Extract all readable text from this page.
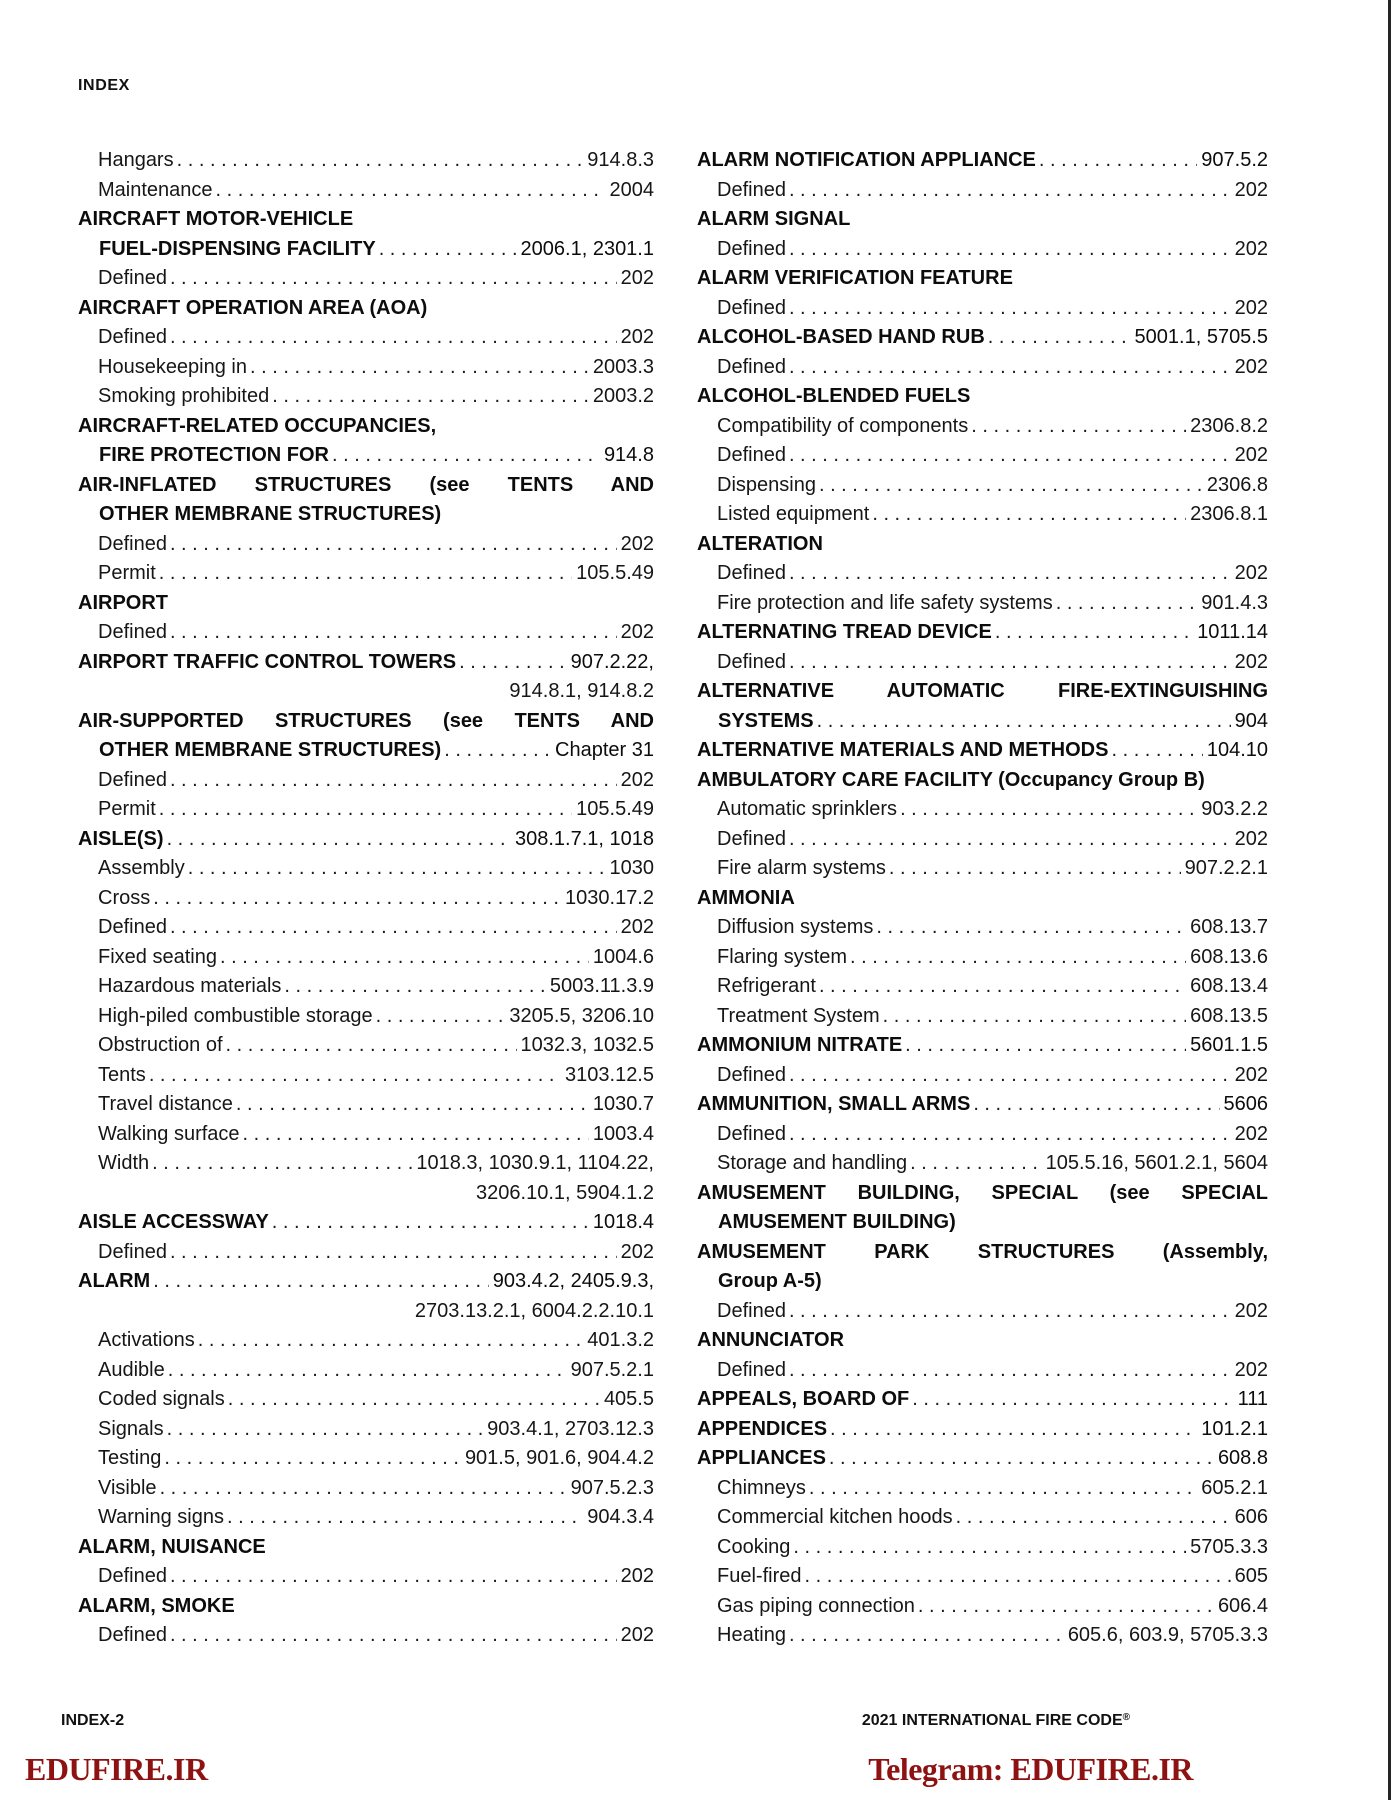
INDEX
Hangars . . .	914.8.3
Maintenance . . .	2004
AIRCRAFT MOTOR-VEHICLE
FUEL-DISPENSING FACILITY . . .	2006.1, 2301.1
Defined . . .	202
AIRCRAFT OPERATION AREA (AOA)
Defined . . .	202
Housekeeping in . . .	2003.3
Smoking prohibited . . .	2003.2
AIRCRAFT-RELATED OCCUPANCIES,
FIRE PROTECTION FOR . . .	914.8
AIR-INFLATED STRUCTURES (see TENTS AND
OTHER MEMBRANE STRUCTURES)
Defined . . .	202
Permit . . .	105.5.49
AIRPORT
Defined . . .	202
AIRPORT TRAFFIC CONTROL TOWERS . . .	907.2.22,
914.8.1, 914.8.2
AIR-SUPPORTED STRUCTURES (see TENTS AND
OTHER MEMBRANE STRUCTURES) . . .	Chapter 31
Defined . . .	202
Permit . . .	105.5.49
AISLE(S) . . .	308.1.7.1, 1018
Assembly . . .	1030
Cross . . .	1030.17.2
Defined . . .	202
Fixed seating . . .	1004.6
Hazardous materials . . .	5003.11.3.9
High-piled combustible storage . . .	3205.5, 3206.10
Obstruction of . . .	1032.3, 1032.5
Tents . . .	3103.12.5
Travel distance . . .	1030.7
Walking surface . . .	1003.4
Width . . .	1018.3, 1030.9.1, 1104.22,
3206.10.1, 5904.1.2
AISLE ACCESSWAY . . .	1018.4
Defined . . .	202
ALARM . . .	903.4.2, 2405.9.3,
2703.13.2.1, 6004.2.2.10.1
Activations . . .	401.3.2
Audible . . .	907.5.2.1
Coded signals . . .	405.5
Signals . . .	903.4.1, 2703.12.3
Testing . . .	901.5, 901.6, 904.4.2
Visible . . .	907.5.2.3
Warning signs . . .	904.3.4
ALARM, NUISANCE
Defined . . .	202
ALARM, SMOKE
Defined . . .	202
ALARM NOTIFICATION APPLIANCE . . .	907.5.2
Defined . . .	202
ALARM SIGNAL
Defined . . .	202
ALARM VERIFICATION FEATURE
Defined . . .	202
ALCOHOL-BASED HAND RUB . . .	5001.1, 5705.5
Defined . . .	202
ALCOHOL-BLENDED FUELS
Compatibility of components . . .	2306.8.2
Defined . . .	202
Dispensing . . .	2306.8
Listed equipment . . .	2306.8.1
ALTERATION
Defined . . .	202
Fire protection and life safety systems . . .	901.4.3
ALTERNATING TREAD DEVICE . . .	1011.14
Defined . . .	202
ALTERNATIVE AUTOMATIC FIRE-EXTINGUISHING
SYSTEMS . . .	904
ALTERNATIVE MATERIALS AND METHODS . . .	104.10
AMBULATORY CARE FACILITY (Occupancy Group B)
Automatic sprinklers . . .	903.2.2
Defined . . .	202
Fire alarm systems . . .	907.2.2.1
AMMONIA
Diffusion systems . . .	608.13.7
Flaring system . . .	608.13.6
Refrigerant . . .	608.13.4
Treatment System . . .	608.13.5
AMMONIUM NITRATE . . .	5601.1.5
Defined . . .	202
AMMUNITION, SMALL ARMS . . .	5606
Defined . . .	202
Storage and handling . . .	105.5.16, 5601.2.1, 5604
AMUSEMENT BUILDING, SPECIAL (see SPECIAL
AMUSEMENT BUILDING)
AMUSEMENT PARK STRUCTURES (Assembly,
Group A-5)
Defined . . .	202
ANNUNCIATOR
Defined . . .	202
APPEALS, BOARD OF . . .	111
APPENDICES . . .	101.2.1
APPLIANCES . . .	608.8
Chimneys . . .	605.2.1
Commercial kitchen hoods . . .	606
Cooking . . .	5705.3.3
Fuel-fired . . .	605
Gas piping connection . . .	606.4
Heating . . .	605.6, 603.9, 5705.3.3
INDEX-2	2021 INTERNATIONAL FIRE CODE®
EDUFIRE.IR	Telegram: EDUFIRE.IR
